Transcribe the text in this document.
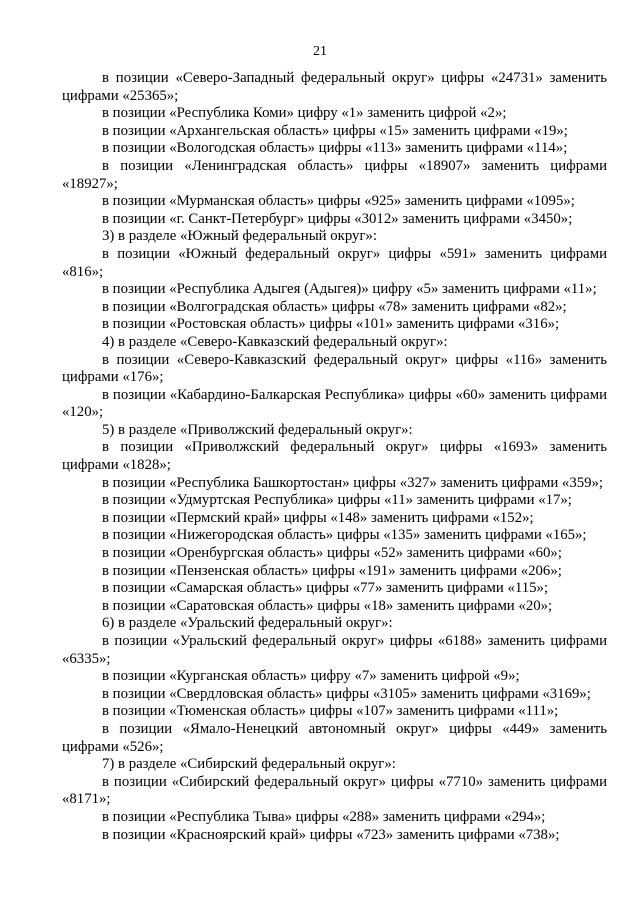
21

в позиции «Северо-Западный федеральный округ» цифры «24731» заменить цифрами «25365»;

в позиции «Республика Коми» цифру «1» заменить цифрой «2»;

в позиции «Архангельская область» цифры «15» заменить цифрами «19»;

в позиции «Вологодская область» цифры «113» заменить цифрами «114»;

в позиции «Ленинградская область» цифры «18907» заменить цифрами «18927»;

в позиции «Мурманская область» цифры «925» заменить цифрами «1095»;

в позиции «г. Санкт-Петербург» цифры «3012» заменить цифрами «3450»;

3) в разделе «Южный федеральный округ»:

в позиции «Южный федеральный округ» цифры «591» заменить цифрами «816»;

в позиции «Республика Адыгея (Адыгея)» цифру «5» заменить цифрами «11»;

в позиции «Волгоградская область» цифры «78» заменить цифрами «82»;

в позиции «Ростовская область» цифры «101» заменить цифрами «316»;

4) в разделе «Северо-Кавказский федеральный округ»:

в позиции «Северо-Кавказский федеральный округ» цифры «116» заменить цифрами «176»;

в позиции «Кабардино-Балкарская Республика» цифры «60» заменить цифрами «120»;

5) в разделе «Приволжский федеральный округ»:

в позиции «Приволжский федеральный округ» цифры «1693» заменить цифрами «1828»;

в позиции «Республика Башкортостан» цифры «327» заменить цифрами «359»;

в позиции «Удмуртская Республика» цифры «11» заменить цифрами «17»;

в позиции «Пермский край» цифры «148» заменить цифрами «152»;

в позиции «Нижегородская область» цифры «135» заменить цифрами «165»;

в позиции «Оренбургская область» цифры «52» заменить цифрами «60»;

в позиции «Пензенская область» цифры «191» заменить цифрами «206»;

в позиции «Самарская область» цифры «77» заменить цифрами «115»;

в позиции «Саратовская область» цифры «18» заменить цифрами «20»;

6) в разделе «Уральский федеральный округ»:

в позиции «Уральский федеральный округ» цифры «6188» заменить цифрами «6335»;

в позиции «Курганская область» цифру «7» заменить цифрой «9»;

в позиции «Свердловская область» цифры «3105» заменить цифрами «3169»;

в позиции «Тюменская область» цифры «107» заменить цифрами «111»;

в позиции «Ямало-Ненецкий автономный округ» цифры «449» заменить цифрами «526»;

7) в разделе «Сибирский федеральный округ»:

в позиции «Сибирский федеральный округ» цифры «7710» заменить цифрами «8171»;

в позиции «Республика Тыва» цифры «288» заменить цифрами «294»;

в позиции «Красноярский край» цифры «723» заменить цифрами «738»;
